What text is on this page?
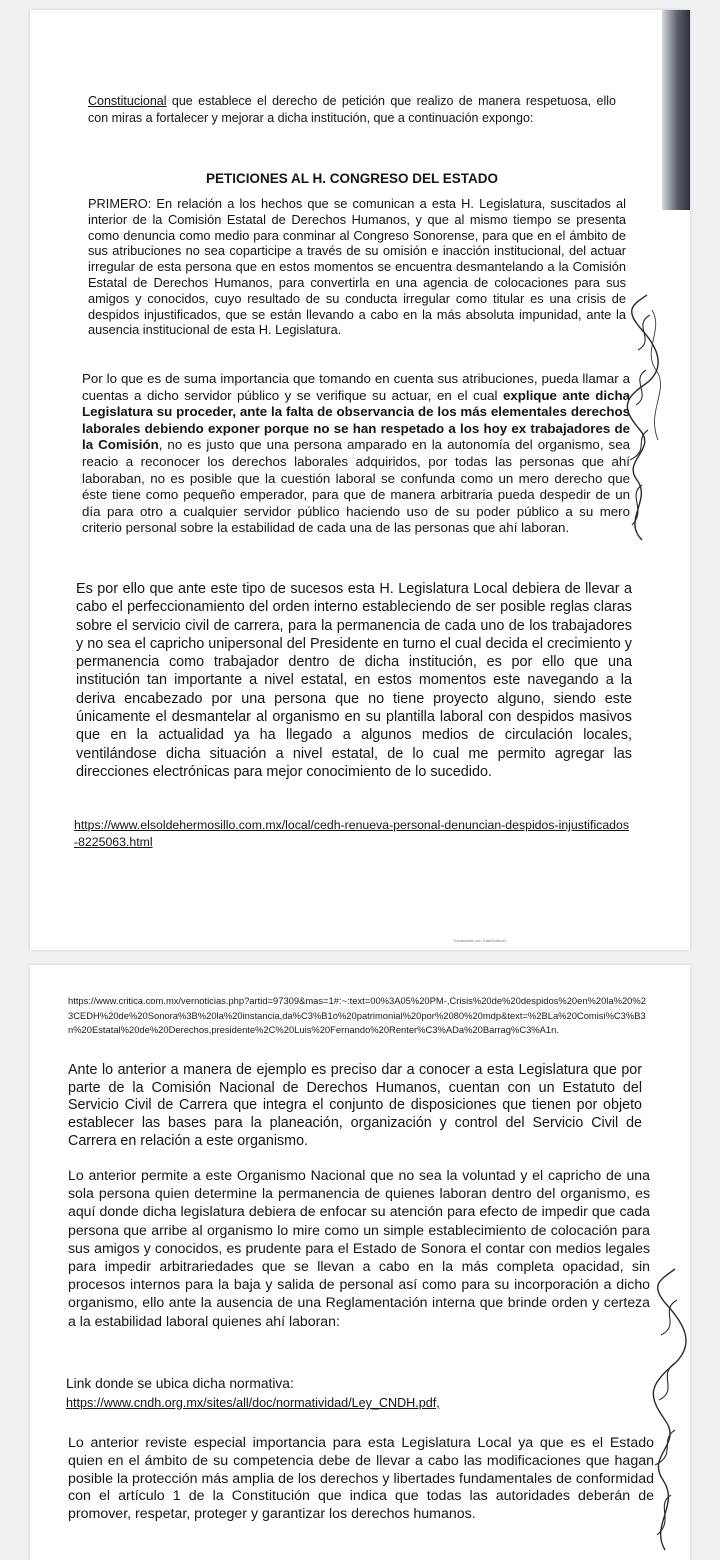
Constitucional que establece el derecho de petición que realizo de manera respetuosa, ello con miras a fortalecer y mejorar a dicha institución, que a continuación expongo:

PETICIONES AL H. CONGRESO DEL ESTADO

PRIMERO: En relación a los hechos que se comunican a esta H. Legislatura, suscitados al interior de la Comisión Estatal de Derechos Humanos, y que al mismo tiempo se presenta como denuncia como medio para conminar al Congreso Sonorense, para que en el ámbito de sus atribuciones no sea coparticipe a través de su omisión e inacción institucional, del actuar irregular de esta persona que en estos momentos se encuentra desmantelando a la Comisión Estatal de Derechos Humanos, para convertirla en una agencia de colocaciones para sus amigos y conocidos, cuyo resultado de su conducta irregular como titular es una crisis de despidos injustificados, que se están llevando a cabo en la más absoluta impunidad, ante la ausencia institucional de esta H. Legislatura.

Por lo que es de suma importancia que tomando en cuenta sus atribuciones, pueda llamar a cuentas a dicho servidor público y se verifique su actuar, en el cual explique ante dicha Legislatura su proceder, ante la falta de observancia de los más elementales derechos laborales debiendo exponer porque no se han respetado a los hoy ex trabajadores de la Comisión, no es justo que una persona amparado en la autonomía del organismo, sea reacio a reconocer los derechos laborales adquiridos, por todas las personas que ahí laboraban, no es posible que la cuestión laboral se confunda como un mero derecho que éste tiene como pequeño emperador, para que de manera arbitraria pueda despedir de un día para otro a cualquier servidor público haciendo uso de su poder público a su mero criterio personal sobre la estabilidad de cada una de las personas que ahí laboran.

Es por ello que ante este tipo de sucesos esta H. Legislatura Local debiera de llevar a cabo el perfeccionamiento del orden interno estableciendo de ser posible reglas claras sobre el servicio civil de carrera, para la permanencia de cada uno de los trabajadores y no sea el capricho unipersonal del Presidente en turno el cual decida el crecimiento y permanencia como trabajador dentro de dicha institución, es por ello que una institución tan importante a nivel estatal, en estos momentos este navegando a la deriva encabezado por una persona que no tiene proyecto alguno, siendo este únicamente el desmantelar al organismo en su plantilla laboral con despidos masivos que en la actualidad ya ha llegado a algunos medios de circulación locales, ventilándose dicha situación a nivel estatal, de lo cual me permito agregar las direcciones electrónicas para mejor conocimiento de lo sucedido.

https://www.elsoldehermosillo.com.mx/local/cedh-renueva-personal-denuncian-despidos-injustificados-8225063.html

Escaneado con CamScanner

https://www.critica.com.mx/vernoticias.php?artid=97309&mas=1#:~:text=00%3A05%20PM-,Crisis%20de%20despidos%20en%20la%20%23CEDH%20de%20Sonora%3B%20la%20instancia,da%C3%B1o%20patrimonial%20por%2080%20mdp&text=%2BLa%20Comisi%C3%B3n%20Estatal%20de%20Derechos,presidente%2C%20Luis%20Fernando%20Renter%C3%ADa%20Barrag%C3%A1n.

Ante lo anterior a manera de ejemplo es preciso dar a conocer a esta Legislatura que por parte de la Comisión Nacional de Derechos Humanos, cuentan con un Estatuto del Servicio Civil de Carrera que integra el conjunto de disposiciones que tienen por objeto establecer las bases para la planeación, organización y control del Servicio Civil de Carrera en relación a este organismo.

Lo anterior permite a este Organismo Nacional que no sea la voluntad y el capricho de una sola persona quien determine la permanencia de quienes laboran dentro del organismo, es aquí donde dicha legislatura debiera de enfocar su atención para efecto de impedir que cada persona que arribe al organismo lo mire como un simple establecimiento de colocación para sus amigos y conocidos, es prudente para el Estado de Sonora el contar con medios legales para impedir arbitrariedades que se llevan a cabo en la más completa opacidad, sin procesos internos para la baja y salida de personal así como para su incorporación a dicho organismo, ello ante la ausencia de una Reglamentación interna que brinde orden y certeza a la estabilidad laboral quienes ahí laboran:

Link donde se ubica dicha normativa:

https://www.cndh.org.mx/sites/all/doc/normatividad/Ley_CNDH.pdf,

Lo anterior reviste especial importancia para esta Legislatura Local ya que es el Estado quien en el ámbito de su competencia debe de llevar a cabo las modificaciones que hagan posible la protección más amplia de los derechos y libertades fundamentales de conformidad con el artículo 1 de la Constitución que indica que todas las autoridades deberán de promover, respetar, proteger y garantizar los derechos humanos.
